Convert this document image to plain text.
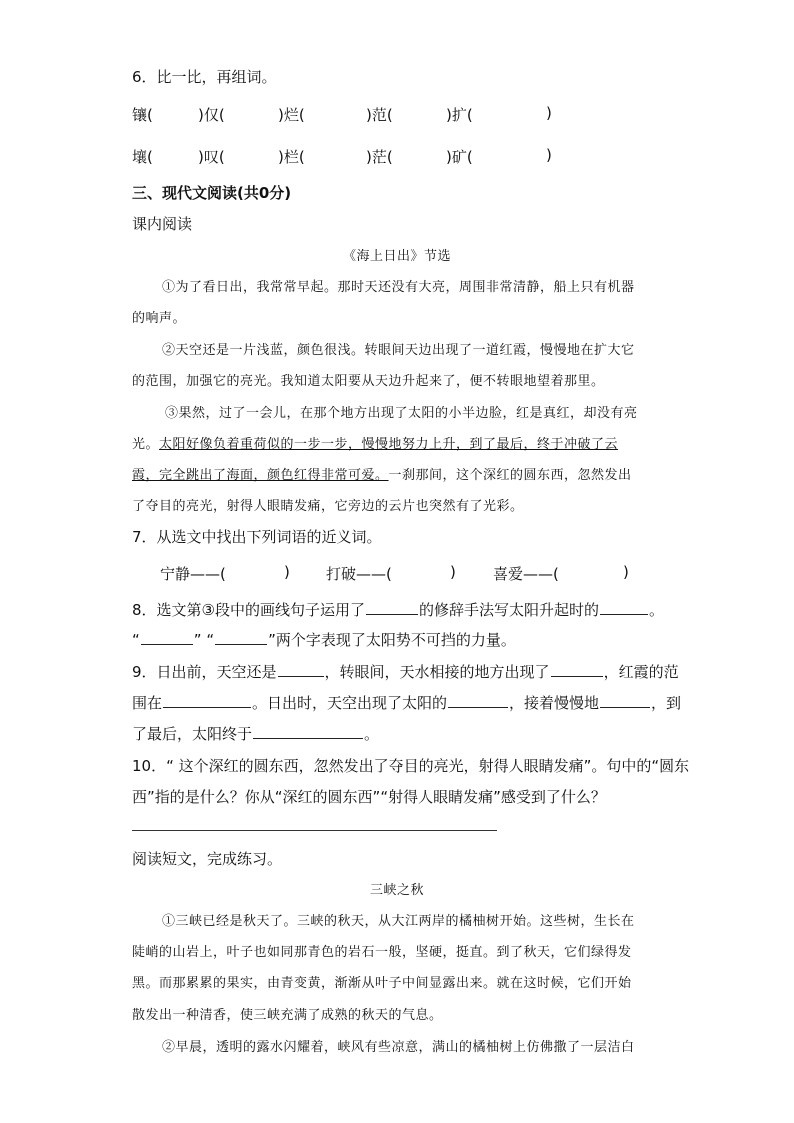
6．比一比，再组词。
镶(	)仅(	)烂(	)范(	)扩(	)
壤(	)叹(	)栏(	)茫(	)矿(	)
三、现代文阅读(共0分)
课内阅读
《海上日出》节选
①为了看日出，我常常早起。那时天还没有大亮，周围非常清静，船上只有机器
的响声。
②天空还是一片浅蓝，颜色很浅。转眼间天边出现了一道红霞，慢慢地在扩大它
的范围，加强它的亮光。我知道太阳要从天边升起来了，便不转眼地望着那里。
③果然，过了一会儿，在那个地方出现了太阳的小半边脸，红是真红，却没有亮
光。太阳好像负着重荷似的一步一步，慢慢地努力上升，到了最后，终于冲破了云
霞，完全跳出了海面，颜色红得非常可爱。一刹那间，这个深红的圆东西，忽然发出
了夺目的亮光，射得人眼睛发痛，它旁边的云片也突然有了光彩。
7．从选文中找出下列词语的近义词。
宁静——(	) 打破——(	) 喜爱——(	)
8．选文第③段中的画线句子运用了	的修辞手法写太阳升起时的	。
“	” “	”两个字表现了太阳势不可挡的力量。
9．日出前，天空还是	，转眼间，天水相接的地方出现了	，红霞的范
围在	。日出时，天空出现了太阳的	，接着慢慢地	，到
了最后，太阳终于	。
10．“ 这个深红的圆东西，忽然发出了夺目的亮光，射得人眼睛发痛”。句中的“圆东
西”指的是什么？你从“深红的圆东西”“射得人眼睛发痛”感受到了什么？
阅读短文，完成练习。
三峡之秋
①三峡已经是秋天了。三峡的秋天，从大江两岸的橘柚树开始。这些树，生长在
陡峭的山岩上，叶子也如同那青色的岩石一般，坚硬，挺直。到了秋天，它们绿得发
黑。而那累累的果实，由青变黄，渐渐从叶子中间显露出来。就在这时候，它们开始
散发出一种清香，使三峡充满了成熟的秋天的气息。
②早晨，透明的露水闪耀着，峡风有些凉意，满山的橘柚树上仿佛撒了一层洁白
